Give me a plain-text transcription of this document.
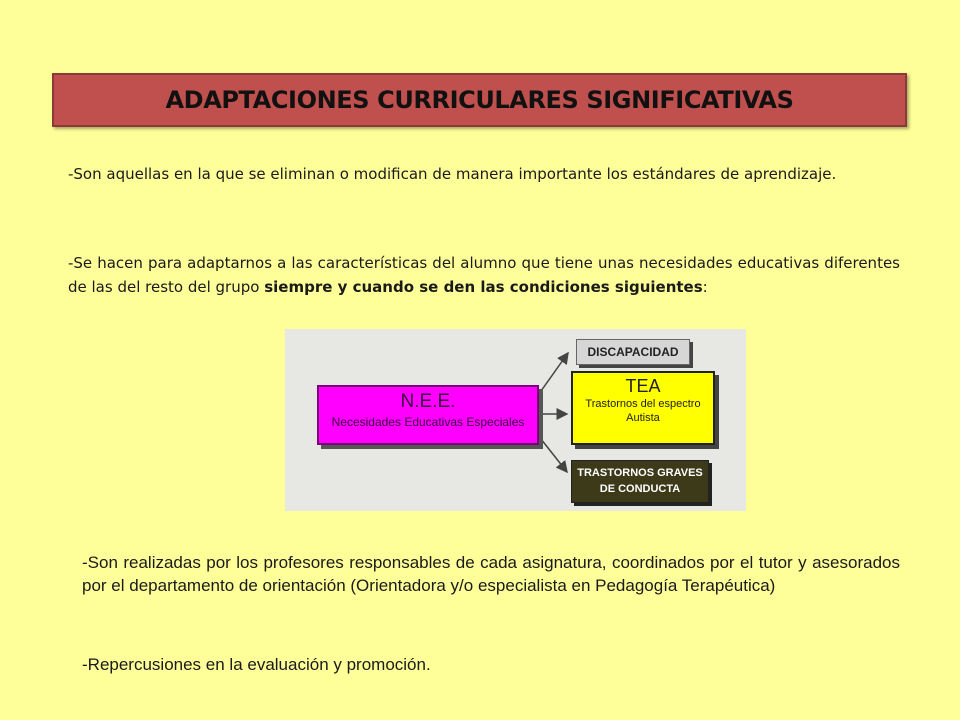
ADAPTACIONES CURRICULARES SIGNIFICATIVAS
-Son aquellas en la que se eliminan o modifican de manera importante los estándares de aprendizaje.
-Se hacen para adaptarnos a las características del alumno que tiene unas necesidades educativas diferentes de las del resto del grupo siempre y cuando se den las condiciones siguientes:
N.E.E.
Necesidades Educativas Especiales
DISCAPACIDAD
TEA
Trastornos del espectro
Autista
TRASTORNOS GRAVES
DE CONDUCTA
-Son realizadas por los profesores responsables de cada asignatura, coordinados por el tutor y asesorados por el departamento de orientación (Orientadora y/o especialista en Pedagogía Terapéutica)
-Repercusiones en la evaluación y promoción.
